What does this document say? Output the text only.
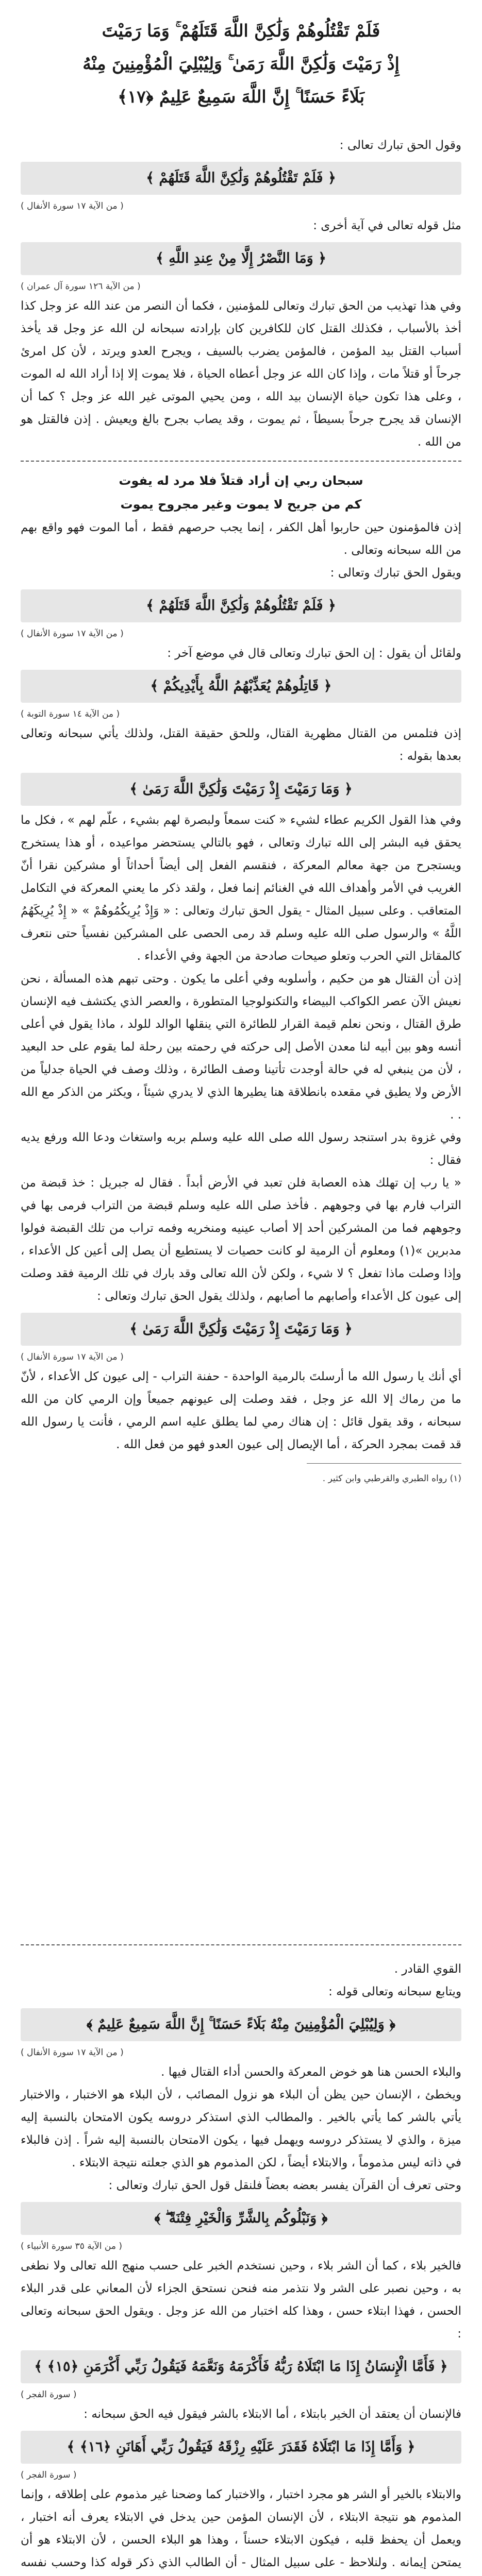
فَلَمْ تَقْتُلُوهُمْ وَلَٰكِنَّ اللَّهَ قَتَلَهُمْ ۚ وَمَا رَمَيْتَ
إِذْ رَمَيْتَ وَلَٰكِنَّ اللَّهَ رَمَىٰ ۚ وَلِيُبْلِيَ الْمُؤْمِنِينَ مِنْهُ
بَلَاءً حَسَنًا ۚ إِنَّ اللَّهَ سَمِيعٌ عَلِيمٌ ﴿١٧﴾

وقول الحق تبارك تعالى :

﴿ فَلَمْ تَقْتُلُوهُمْ وَلَٰكِنَّ اللَّهَ قَتَلَهُمْ ﴾
( من الآية ١٧ سورة الأنفال )

مثل قوله تعالى في آية أخرى :

﴿ وَمَا النَّصْرُ إِلَّا مِنْ عِندِ اللَّهِ ﴾
( من الآية ١٢٦ سورة آل عمران )

وفي هذا تهذيب من الحق تبارك وتعالى للمؤمنين ، فكما أن النصر من عند الله عز وجل كذا أخذ بالأسباب ، فكذلك القتل كان للكافرين كان بإرادته سبحانه لن الله عز وجل قد يأخذ أسباب القتل بيد المؤمن ، فالمؤمن يضرب بالسيف ، ويجرح العدو ويرتد ، لأن كل امرئ جرحاً أو قتلاً مات ، وإذا كان الله عز وجل أعطاه الحياة ، فلا يموت إلا إذا أراد الله له الموت ، وعلى هذا تكون حياة الإنسان بيد الله ، ومن يحيي الموتى غير الله عز وجل ؟ كما أن الإنسان قد يجرح جرحاً بسيطاً ، ثم يموت ، وقد يصاب بجرح بالغ ويعيش . إذن فالقتل هو من الله .

سبحان ربي إن أراد قتلاً فلا مرد له يفوت

كم من جريح لا يموت وغير مجروح يموت

إذن فالمؤمنون حين حاربوا أهل الكفر ، إنما يجب حرصهم فقط ، أما الموت فهو واقع بهم من الله سبحانه وتعالى .

ويقول الحق تبارك وتعالى :

﴿ فَلَمْ تَقْتُلُوهُمْ وَلَٰكِنَّ اللَّهَ قَتَلَهُمْ ﴾
( من الآية ١٧ سورة الأنفال )

ولقائل أن يقول : إن الحق تبارك وتعالى قال في موضع آخر :

﴿ قَاتِلُوهُمْ يُعَذِّبْهُمُ اللَّهُ بِأَيْدِيكُمْ ﴾
( من الآية ١٤ سورة التوبة )

إذن فتلمس من القتال مظهرية القتال، وللحق حقيقة القتل، ولذلك يأتي سبحانه وتعالى بعدها بقوله :

﴿ وَمَا رَمَيْتَ إِذْ رَمَيْتَ وَلَٰكِنَّ اللَّهَ رَمَىٰ ﴾

وفي هذا القول الكريم عطاء لشيء « كنت سمعاً ولبصرة لهم بشيء ، علّم لهم » ، فكل ما يحقق فيه البشر إلى الله تبارك وتعالى ، فهو بالتالي يستحضر مواعيده ، أو هذا يستخرج ويستجرح من جهة معالم المعركة ، فنقسم الفعل إلى أيضاً أحداثاً أو مشركين نقرا أنّ الغريب في الأمر وأهداف الله في الغنائم إنما فعل ، ولقد ذكر ما يعني المعركة في التكامل المتعاقب . وعلى سبيل المثال - يقول الحق تبارك وتعالى : « وَإِذْ يُرِيكُمُوهُمْ » « إِذْ يُرِيكَهُمُ اللَّهُ » والرسول صلى الله عليه وسلم قد رمى الحصى على المشركين نفسياً حتى نتعرف كالمقاتل التي الحرب وتعلو صيحات صادحة من الجهة وفي الأعداء .

إذن أن القتال هو من حكيم ، وأسلوبه وفي أعلى ما يكون . وحتى تبهم هذه المسألة ، نحن نعيش الآن عصر الكواكب البيضاء والتكنولوجيا المتطورة ، والعصر الذي يكتشف فيه الإنسان طرق القتال ، ونحن نعلم قيمة القرار للطائرة التي ينقلها الوالد للولد ، ماذا يقول في أعلى أنسه وهو بين أبيه لنا معدن الأصل إلى حركته في رحمته بين رحلة لما يقوم على حد البعيد ، لأن من ينبغي له في حالة أوجدت تأتينا وصف الطائرة ، وذلك وصف في الحياة جدلياً من الأرض ولا يطيق في مقعده بانطلاقة هنا يطيرها الذي لا يدري شيئاً ، ويكثر من الذكر مع الله . .

وفي غزوة بدر استنجد رسول الله صلى الله عليه وسلم بربه واستغاث ودعا الله ورفع يديه فقال :

« يا رب إن تهلك هذه العصابة فلن تعبد في الأرض أبداً . فقال له جبريل : خذ قبضة من التراب فارم بها في وجوههم . فأخذ صلى الله عليه وسلم قبضة من التراب فرمى بها في وجوههم فما من المشركين أحد إلا أصاب عينيه ومنخريه وفمه تراب من تلك القبضة فولوا مدبرين »(١) ومعلوم أن الرمية لو كانت حصيات لا يستطيع أن يصل إلى أعين كل الأعداء ، وإذا وصلت ماذا تفعل ؟ لا شيء ، ولكن لأن الله تعالى وقد بارك في تلك الرمية فقد وصلت إلى عيون كل الأعداء وأصابهم ما أصابهم ، ولذلك يقول الحق تبارك وتعالى :

﴿ وَمَا رَمَيْتَ إِذْ رَمَيْتَ وَلَٰكِنَّ اللَّهَ رَمَىٰ ﴾
( من الآية ١٧ سورة الأنفال )

أي أنك يا رسول الله ما أرسلتَ بالرمية الواحدة - حفنة التراب - إلى عيون كل الأعداء ، لأنّ ما من رماك إلا الله عز وجل ، فقد وصلت إلى عيونهم جميعاً وإن الرمي كان من الله سبحانه ، وقد يقول قائل : إن هناك رمي لما يطلق عليه اسم الرمي ، فأنت يا رسول الله قد قمت بمجرد الحركة ، أما الإيصال إلى عيون العدو فهو من فعل الله .

(١) رواه الطبري والقرطبي وابن كثير .

القوي القادر .

ويتابع سبحانه وتعالى قوله :

﴿ وَلِيُبْلِيَ الْمُؤْمِنِينَ مِنْهُ بَلَاءً حَسَنًا ۚ إِنَّ اللَّهَ سَمِيعٌ عَلِيمٌ ﴾
( من الآية ١٧ سورة الأنفال )

والبلاء الحسن هنا هو خوض المعركة والحسن أداء القتال فيها .

ويخطئ ، الإنسان حين يظن أن البلاء هو نزول المصائب ، لأن البلاء هو الاختبار ، والاختبار يأتي بالشر كما يأتي بالخير . والمطالب الذي استذكر دروسه يكون الامتحان بالنسبة إليه ميزة ، والذي لا يستذكر دروسه ويهمل فيها ، يكون الامتحان بالنسبة إليه شراً . إذن فالبلاء في ذاته ليس مذموماً ، والابتلاء أيضاً ، لكن المذموم هو الذي جعلته نتيجة الابتلاء .

وحتى تعرف أن القرآن يفسر بعضه بعضاً فلنقل قول الحق تبارك وتعالى :

﴿ وَنَبْلُوكُم بِالشَّرِّ وَالْخَيْرِ فِتْنَةً ۖ ﴾
( من الآية ٣٥ سورة الأنبياء )

فالخير بلاء ، كما أن الشر بلاء ، وحين نستخدم الخبر على حسب منهج الله تعالى ولا نطغى به ، وحين نصبر على الشر ولا نتذمر منه فنحن نستحق الجزاء لأن المعاني على قدر البلاء الحسن ، فهذا ابتلاء حسن ، وهذا كله اختبار من الله عز وجل . ويقول الحق سبحانه وتعالى :

﴿ فَأَمَّا الْإِنسَانُ إِذَا مَا ابْتَلَاهُ رَبُّهُ فَأَكْرَمَهُ وَنَعَّمَهُ فَيَقُولُ رَبِّي أَكْرَمَنِ ﴿١٥﴾ ﴾
( سورة الفجر )

فالإنسان أن يعتقد أن الخير بابتلاء ، أما الابتلاء بالشر فيقول فيه الحق سبحانه :

﴿ وَأَمَّا إِذَا مَا ابْتَلَاهُ فَقَدَرَ عَلَيْهِ رِزْقَهُ فَيَقُولُ رَبِّي أَهَانَنِ ﴿١٦﴾ ﴾
( سورة الفجر )

والابتلاء بالخير أو الشر هو مجرد اختبار ، والاختبار كما وضحنا غير مذموم على إطلاقه ، وإنما المذموم هو نتيجة الابتلاء ، لأن الإنسان المؤمن حين يدخل في الابتلاء يعرف أنه اختبار ، ويعمل أن يحفظ قلبه ، فيكون الابتلاء حسناً ، وهذا هو البلاء الحسن ، لأن الابتلاء هو أن يمتحن إيمانه . ولنلاحظ - على سبيل المثال - أن الطالب الذي ذكر قوله كذا وحسب نفسه
